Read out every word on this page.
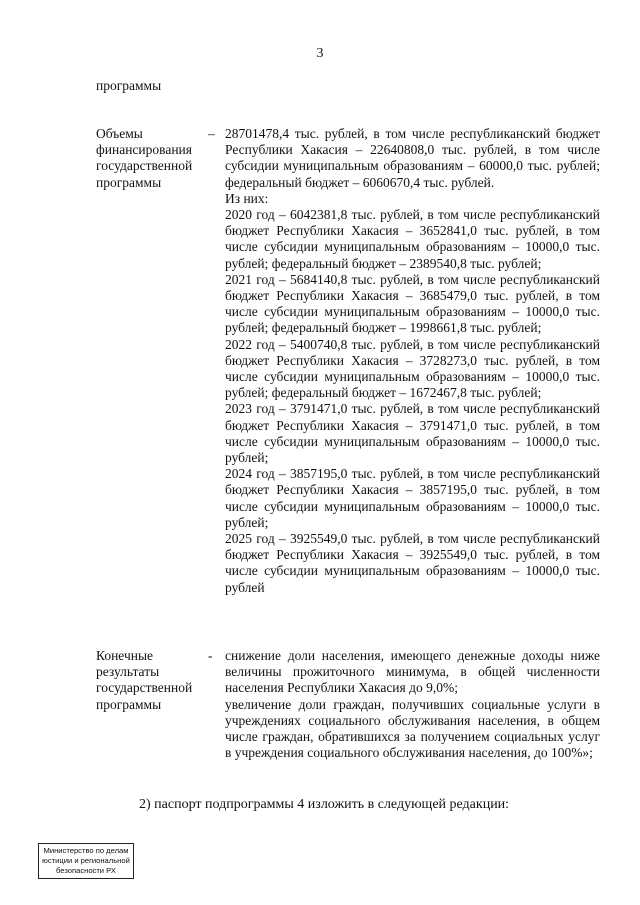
3
программы
Объемы финансирования государственной программы
– 28701478,4 тыс. рублей, в том числе республиканский бюджет Республики Хакасия – 22640808,0 тыс. рублей, в том числе субсидии муниципальным образованиям – 60000,0 тыс. рублей; федеральный бюджет – 6060670,4 тыс. рублей.

Из них:

2020 год – 6042381,8 тыс. рублей, в том числе республиканский бюджет Республики Хакасия – 3652841,0 тыс. рублей, в том числе субсидии муниципальным образованиям – 10000,0 тыс. рублей; федеральный бюджет – 2389540,8 тыс. рублей;

2021 год – 5684140,8 тыс. рублей, в том числе республиканский бюджет Республики Хакасия – 3685479,0 тыс. рублей, в том числе субсидии муниципальным образованиям – 10000,0 тыс. рублей; федеральный бюджет – 1998661,8 тыс. рублей;

2022 год – 5400740,8 тыс. рублей, в том числе республиканский бюджет Республики Хакасия – 3728273,0 тыс. рублей, в том числе субсидии муниципальным образованиям – 10000,0 тыс. рублей; федеральный бюджет – 1672467,8 тыс. рублей;

2023 год – 3791471,0 тыс. рублей, в том числе республиканский бюджет Республики Хакасия – 3791471,0 тыс. рублей, в том числе субсидии муниципальным образованиям – 10000,0 тыс. рублей;

2024 год – 3857195,0 тыс. рублей, в том числе республиканский бюджет Республики Хакасия – 3857195,0 тыс. рублей, в том числе субсидии муниципальным образованиям – 10000,0 тыс. рублей;

2025 год – 3925549,0 тыс. рублей, в том числе республиканский бюджет Республики Хакасия – 3925549,0 тыс. рублей, в том числе субсидии муниципальным образованиям – 10000,0 тыс. рублей

Конечные результаты государственной программы
- снижение доли населения, имеющего денежные доходы ниже величины прожиточного минимума, в общей численности населения Республики Хакасия до 9,0%;

увеличение доли граждан, получивших социальные услуги в учреждениях социального обслуживания населения, в общем числе граждан, обратившихся за получением социальных услуг в учреждения социального обслуживания населения, до 100%»;

2) паспорт подпрограммы 4 изложить в следующей редакции:
Министерство по делам
юстиции и региональной
безопасности РХ
